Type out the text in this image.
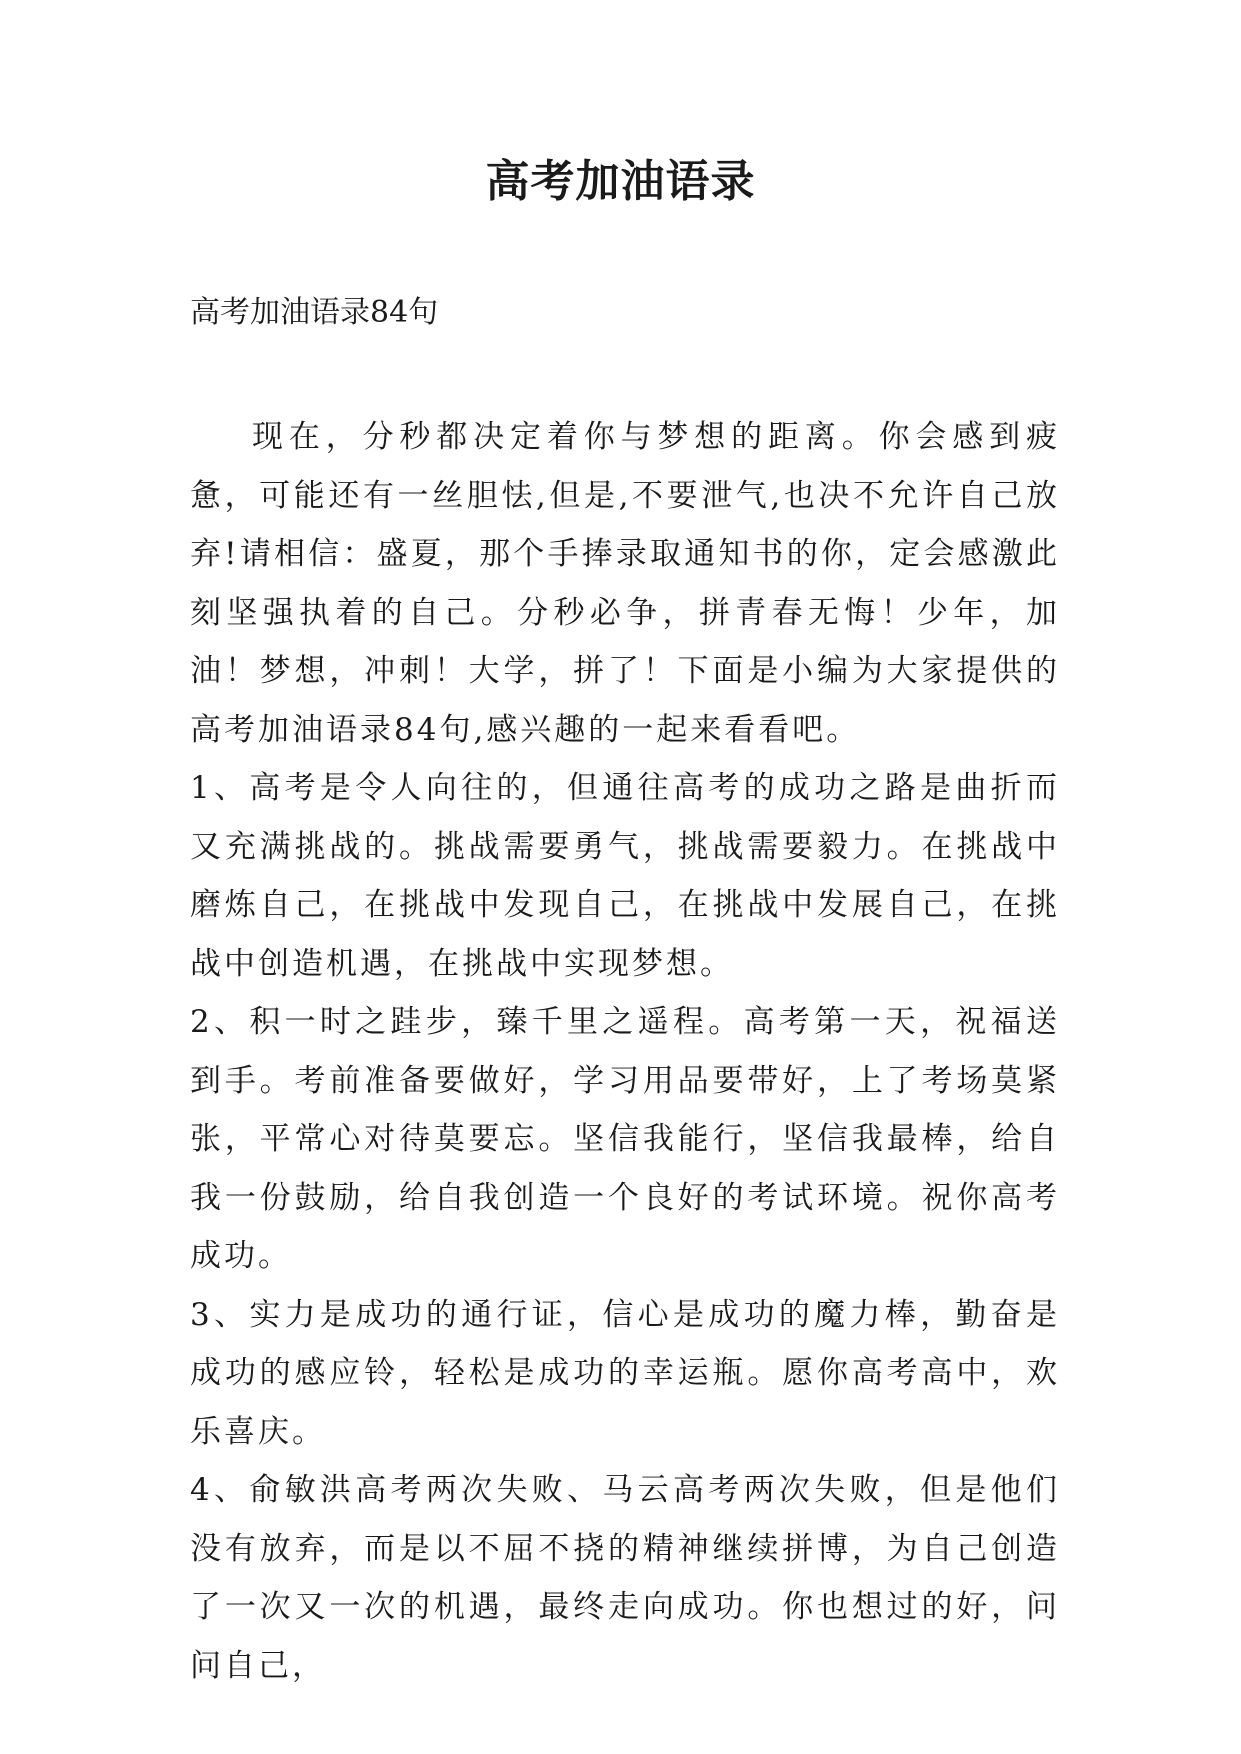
高考加油语录

高考加油语录84句

现在，分秒都决定着你与梦想的距离。你会感到疲惫，可能还有一丝胆怯,但是,不要泄气,也决不允许自己放弃!请相信：盛夏，那个手捧录取通知书的你，定会感激此刻坚强执着的自己。分秒必争，拼青春无悔！少年，加油！梦想，冲刺！大学，拼了！下面是小编为大家提供的高考加油语录84句,感兴趣的一起来看看吧。

1、高考是令人向往的，但通往高考的成功之路是曲折而又充满挑战的。挑战需要勇气，挑战需要毅力。在挑战中磨炼自己，在挑战中发现自己，在挑战中发展自己，在挑战中创造机遇，在挑战中实现梦想。

2、积一时之跬步，臻千里之遥程。高考第一天，祝福送到手。考前准备要做好，学习用品要带好，上了考场莫紧张，平常心对待莫要忘。坚信我能行，坚信我最棒，给自我一份鼓励，给自我创造一个良好的考试环境。祝你高考成功。

3、实力是成功的通行证，信心是成功的魔力棒，勤奋是成功的感应铃，轻松是成功的幸运瓶。愿你高考高中，欢乐喜庆。

4、俞敏洪高考两次失败、马云高考两次失败，但是他们没有放弃，而是以不屈不挠的精神继续拼博，为自己创造了一次又一次的机遇，最终走向成功。你也想过的好，问问自己，
